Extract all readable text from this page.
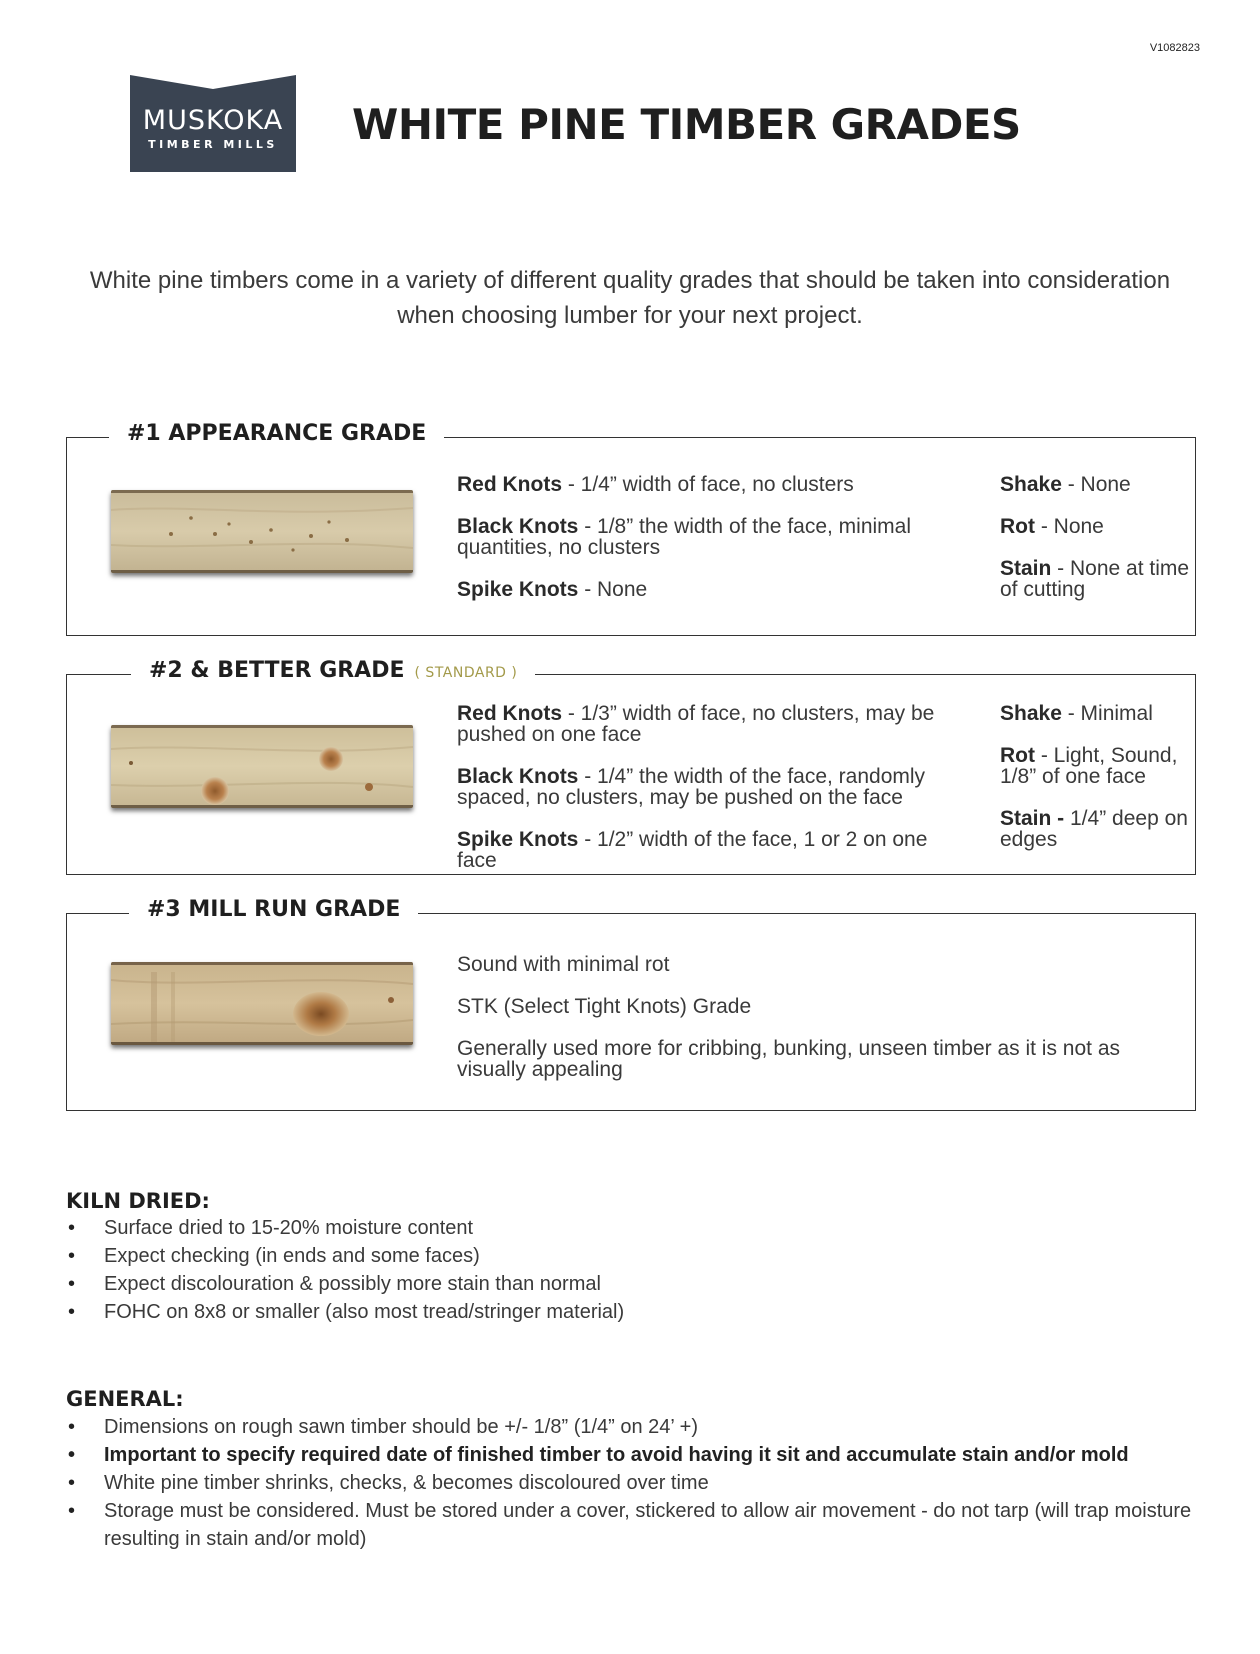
V1082823
MUSKOKA
TIMBER MILLS	WHITE PINE TIMBER GRADES

White pine timbers come in a variety of different quality grades that should be taken into consideration when choosing lumber for your next project.

#1 APPEARANCE GRADE

Red Knots - 1/4” width of face, no clusters

Black Knots - 1/8” the width of the face, minimal quantities, no clusters

Spike Knots - None

Shake - None

Rot - None

Stain - None at time of cutting

#2 & BETTER GRADE ( STANDARD )

Red Knots - 1/3” width of face, no clusters, may be pushed on one face

Black Knots - 1/4” the width of the face, randomly spaced, no clusters, may be pushed on the face

Spike Knots - 1/2” width of the face, 1 or 2 on one face

Shake - Minimal

Rot - Light, Sound, 1/8” of one face

Stain - 1/4” deep on edges

#3 MILL RUN GRADE

Sound with minimal rot

STK (Select Tight Knots) Grade

Generally used more for cribbing, bunking, unseen timber as it is not as visually appealing

KILN DRIED:
• Surface dried to 15-20% moisture content
• Expect checking (in ends and some faces)
• Expect discolouration & possibly more stain than normal
• FOHC on 8x8 or smaller (also most tread/stringer material)
GENERAL:
• Dimensions on rough sawn timber should be +/- 1/8” (1/4” on 24’ +)
• Important to specify required date of finished timber to avoid having it sit and accumulate stain and/or mold
• White pine timber shrinks, checks, & becomes discoloured over time
• Storage must be considered. Must be stored under a cover, stickered to allow air movement - do not tarp (will trap moisture resulting in stain and/or mold)
